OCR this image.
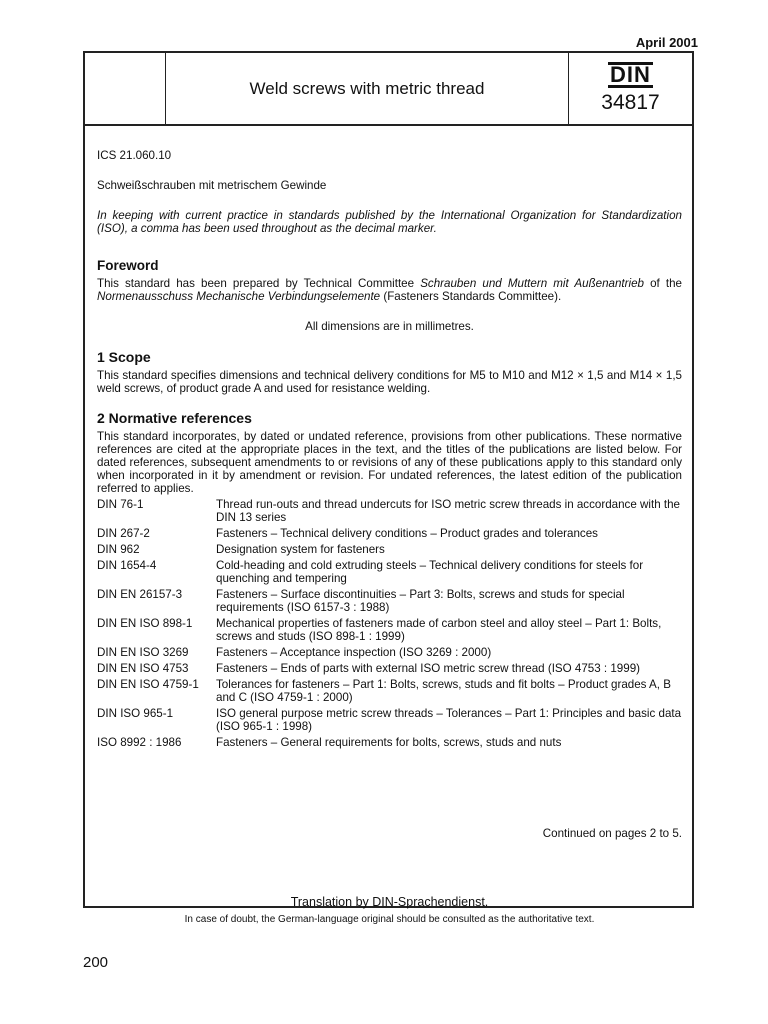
April 2001
Weld screws with metric thread
DIN
34817
ICS 21.060.10
Schweißschrauben mit metrischem Gewinde
In keeping with current practice in standards published by the International Organization for Standardization (ISO), a comma has been used throughout as the decimal marker.
Foreword
This standard has been prepared by Technical Committee Schrauben und Muttern mit Außenantrieb of the Normenausschuss Mechanische Verbindungselemente (Fasteners Standards Committee).
All dimensions are in millimetres.
1 Scope
This standard specifies dimensions and technical delivery conditions for M5 to M10 and M12 × 1,5 and M14 × 1,5 weld screws, of product grade A and used for resistance welding.
2 Normative references
This standard incorporates, by dated or undated reference, provisions from other publications. These normative references are cited at the appropriate places in the text, and the titles of the publications are listed below. For dated references, subsequent amendments to or revisions of any of these publications apply to this standard only when incorporated in it by amendment or revision. For undated references, the latest edition of the publication referred to applies.
DIN 76-1	Thread run-outs and thread undercuts for ISO metric screw threads in accordance with the DIN 13 series
DIN 267-2	Fasteners – Technical delivery conditions – Product grades and tolerances
DIN 962	Designation system for fasteners
DIN 1654-4	Cold-heading and cold extruding steels – Technical delivery conditions for steels for quenching and tempering
DIN EN 26157-3	Fasteners – Surface discontinuities – Part 3: Bolts, screws and studs for special requirements (ISO 6157-3 : 1988)
DIN EN ISO 898-1	Mechanical properties of fasteners made of carbon steel and alloy steel – Part 1: Bolts, screws and studs (ISO 898-1 : 1999)
DIN EN ISO 3269	Fasteners – Acceptance inspection (ISO 3269 : 2000)
DIN EN ISO 4753	Fasteners – Ends of parts with external ISO metric screw thread (ISO 4753 : 1999)
DIN EN ISO 4759-1	Tolerances for fasteners – Part 1: Bolts, screws, studs and fit bolts – Product grades A, B and C (ISO 4759-1 : 2000)
DIN ISO 965-1	ISO general purpose metric screw threads – Tolerances – Part 1: Principles and basic data (ISO 965-1 : 1998)
ISO 8992 : 1986	Fasteners – General requirements for bolts, screws, studs and nuts
Continued on pages 2 to 5.
Translation by DIN-Sprachendienst.
In case of doubt, the German-language original should be consulted as the authoritative text.
200
